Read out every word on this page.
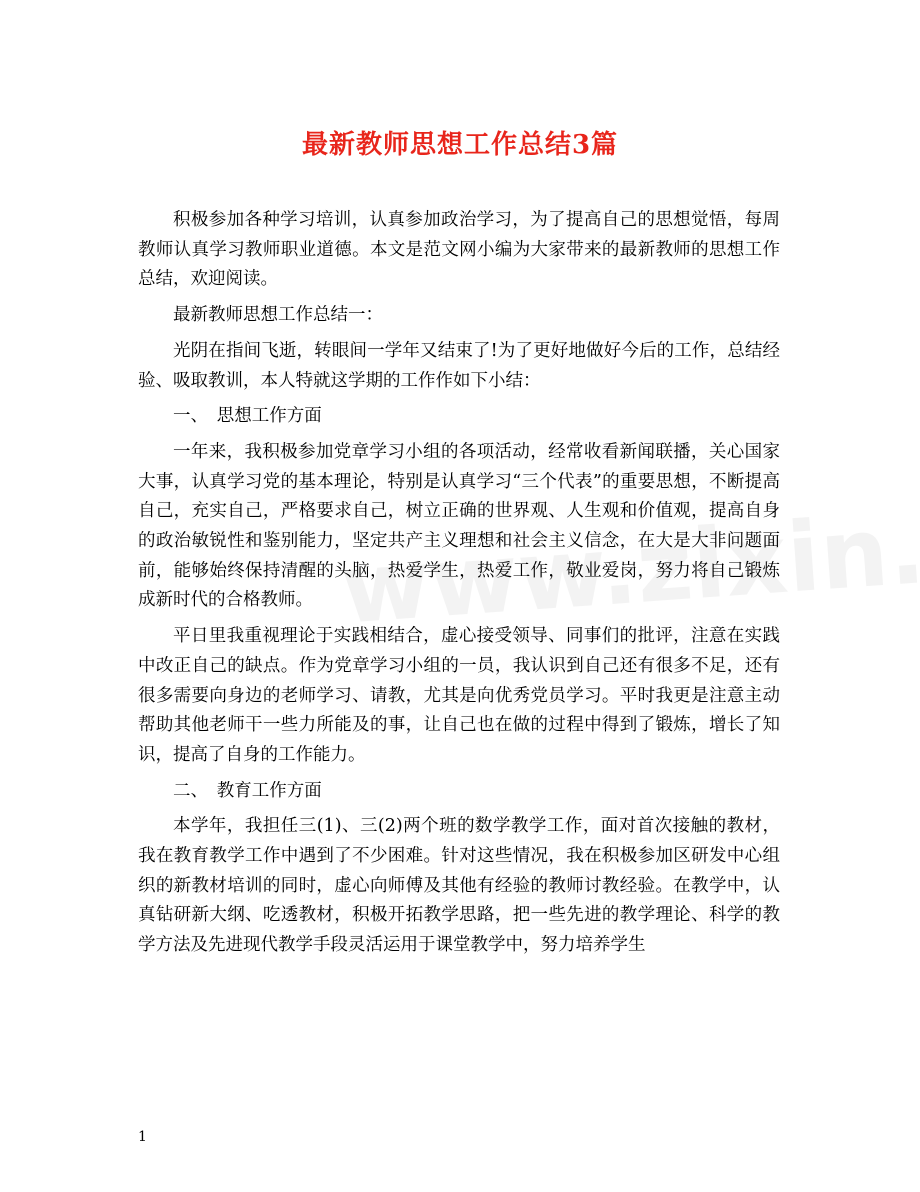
最新教师思想工作总结3篇

积极参加各种学习培训，认真参加政治学习，为了提高自己的思想觉悟，每周教师认真学习教师职业道德。本文是范文网小编为大家带来的最新教师的思想工作总结，欢迎阅读。

最新教师思想工作总结一：

光阴在指间飞逝，转眼间一学年又结束了!为了更好地做好今后的工作，总结经验、吸取教训，本人特就这学期的工作作如下小结：

一、　思想工作方面

一年来，我积极参加党章学习小组的各项活动，经常收看新闻联播，关心国家大事，认真学习党的基本理论，特别是认真学习“三个代表”的重要思想，不断提高自己，充实自己，严格要求自己，树立正确的世界观、人生观和价值观，提高自身的政治敏锐性和鉴别能力，坚定共产主义理想和社会主义信念，在大是大非问题面前，能够始终保持清醒的头脑，热爱学生，热爱工作，敬业爱岗，努力将自己锻炼成新时代的合格教师。

平日里我重视理论于实践相结合，虚心接受领导、同事们的批评，注意在实践中改正自己的缺点。作为党章学习小组的一员，我认识到自己还有很多不足，还有很多需要向身边的老师学习、请教，尤其是向优秀党员学习。平时我更是注意主动帮助其他老师干一些力所能及的事，让自己也在做的过程中得到了锻炼，增长了知识，提高了自身的工作能力。

二、　教育工作方面

本学年，我担任三(1)、三(2)两个班的数学教学工作，面对首次接触的教材，我在教育教学工作中遇到了不少困难。针对这些情况，我在积极参加区研发中心组织的新教材培训的同时，虚心向师傅及其他有经验的教师讨教经验。在教学中，认真钻研新大纲、吃透教材，积极开拓教学思路，把一些先进的教学理论、科学的教学方法及先进现代教学手段灵活运用于课堂教学中，努力培养学生

1
